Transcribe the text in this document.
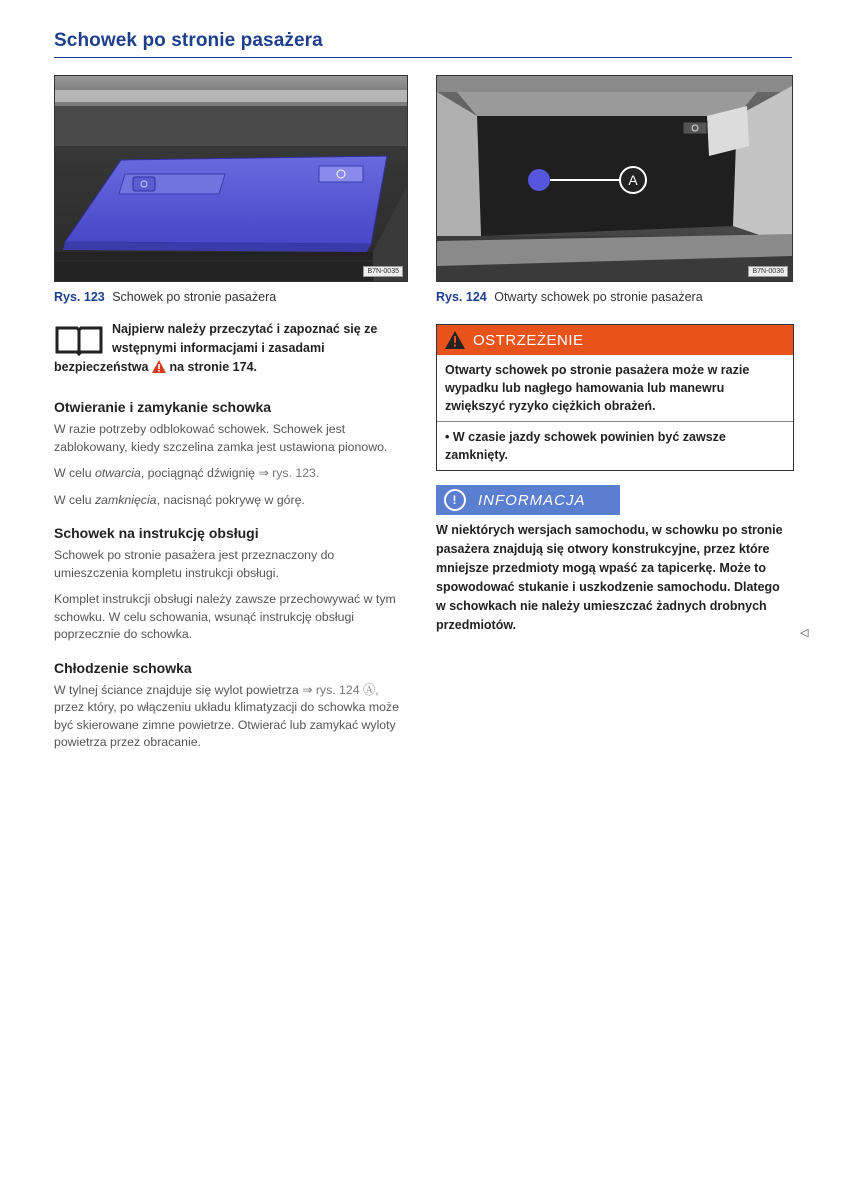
Schowek po stronie pasażera
B7N-0035
A
B7N-0036
Rys. 123 Schowek po stronie pasażera	Rys. 124 Otwarty schowek po stronie pasażera
Najpierw należy przeczytać i zapoznać się ze wstępnymi informacjami i zasadami bezpieczeństwa na stronie 174.
Otwieranie i zamykanie schowka

W razie potrzeby odblokować schowek. Schowek jest zablokowany, kiedy szczelina zamka jest ustawiona pionowo.

W celu otwarcia, pociągnąć dźwignię ⇒ rys. 123.

W celu zamknięcia, nacisnąć pokrywę w górę.

Schowek na instrukcję obsługi

Schowek po stronie pasażera jest przeznaczony do umieszczenia kompletu instrukcji obsługi.

Komplet instrukcji obsługi należy zawsze przechowywać w tym schowku. W celu schowania, wsunąć instrukcję obsługi poprzecznie do schowka.

Chłodzenie schowka

W tylnej ściance znajduje się wylot powietrza ⇒ rys. 124 Ⓐ, przez który, po włączeniu układu klimatyzacji do schowka może być skierowane zimne powietrze. Otwierać lub zamykać wyloty powietrza przez obracanie.

OSTRZEŻENIE

Otwarty schowek po stronie pasażera może w razie wypadku lub nagłego hamowania lub manewru zwiększyć ryzyko ciężkich obrażeń.

• W czasie jazdy schowek powinien być zawsze zamknięty.

!	INFORMACJA
W niektórych wersjach samochodu, w schowku po stronie pasażera znajdują się otwory konstrukcyjne, przez które mniejsze przedmioty mogą wpaść za tapicerkę. Może to spowodować stukanie i uszkodzenie samochodu. Dlatego w schowkach nie należy umieszczać żadnych drobnych przedmiotów.
◁
